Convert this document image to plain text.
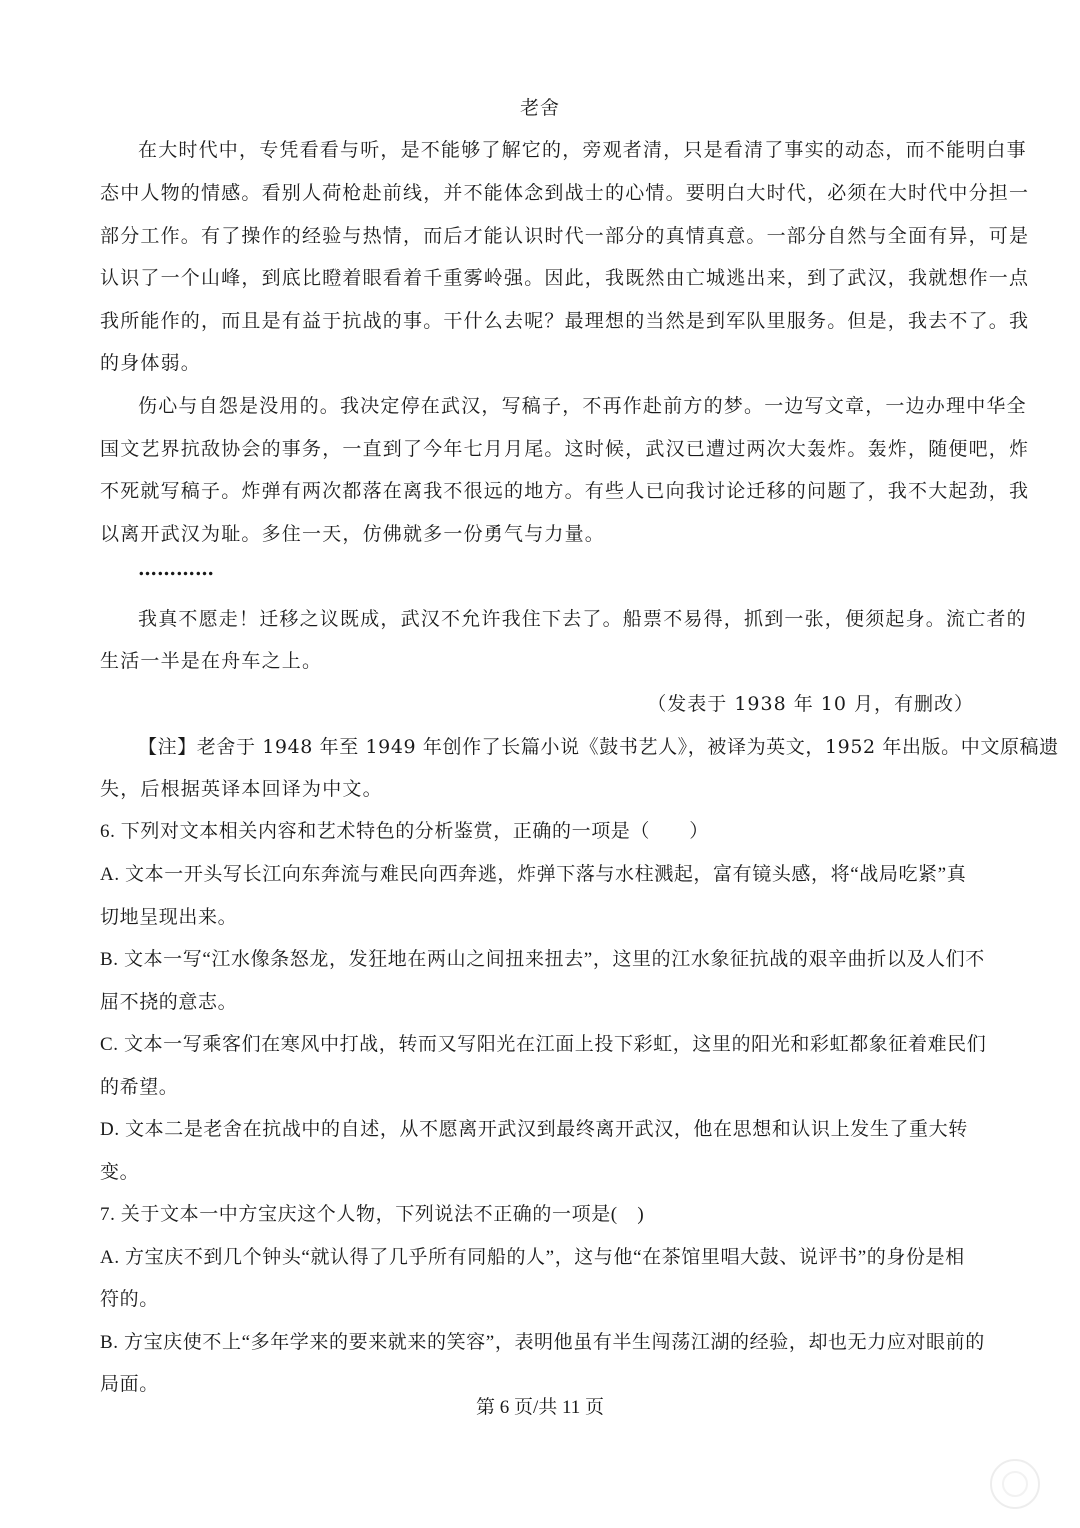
老舍
在大时代中，专凭看看与听，是不能够了解它的，旁观者清，只是看清了事实的动态，而不能明白事
态中人物的情感。看别人荷枪赴前线，并不能体念到战士的心情。要明白大时代，必须在大时代中分担一
部分工作。有了操作的经验与热情，而后才能认识时代一部分的真情真意。一部分自然与全面有异，可是
认识了一个山峰，到底比瞪着眼看着千重雾岭强。因此，我既然由亡城逃出来，到了武汉，我就想作一点
我所能作的，而且是有益于抗战的事。干什么去呢？最理想的当然是到军队里服务。但是，我去不了。我
的身体弱。
伤心与自怨是没用的。我决定停在武汉，写稿子，不再作赴前方的梦。一边写文章，一边办理中华全
国文艺界抗敌协会的事务，一直到了今年七月月尾。这时候，武汉已遭过两次大轰炸。轰炸，随便吧，炸
不死就写稿子。炸弹有两次都落在离我不很远的地方。有些人已向我讨论迁移的问题了，我不大起劲，我
以离开武汉为耻。多住一天，仿佛就多一份勇气与力量。
…………
我真不愿走！迁移之议既成，武汉不允许我住下去了。船票不易得，抓到一张，便须起身。流亡者的
生活一半是在舟车之上。
（发表于 1938 年 10 月，有删改）
【注】老舍于 1948 年至 1949 年创作了长篇小说《鼓书艺人》，被译为英文，1952 年出版。中文原稿遗
失，后根据英译本回译为中文。
6. 下列对文本相关内容和艺术特色的分析鉴赏，正确的一项是（　　）
A. 文本一开头写长江向东奔流与难民向西奔逃，炸弹下落与水柱溅起，富有镜头感，将“战局吃紧”真
切地呈现出来。
B. 文本一写“江水像条怒龙，发狂地在两山之间扭来扭去”，这里的江水象征抗战的艰辛曲折以及人们不
屈不挠的意志。
C. 文本一写乘客们在寒风中打战，转而又写阳光在江面上投下彩虹，这里的阳光和彩虹都象征着难民们
的希望。
D. 文本二是老舍在抗战中的自述，从不愿离开武汉到最终离开武汉，他在思想和认识上发生了重大转
变。
7. 关于文本一中方宝庆这个人物，下列说法不正确的一项是(　)
A. 方宝庆不到几个钟头“就认得了几乎所有同船的人”，这与他“在茶馆里唱大鼓、说评书”的身份是相
符的。
B. 方宝庆使不上“多年学来的要来就来的笑容”，表明他虽有半生闯荡江湖的经验，却也无力应对眼前的
局面。
第 6 页/共 11 页
